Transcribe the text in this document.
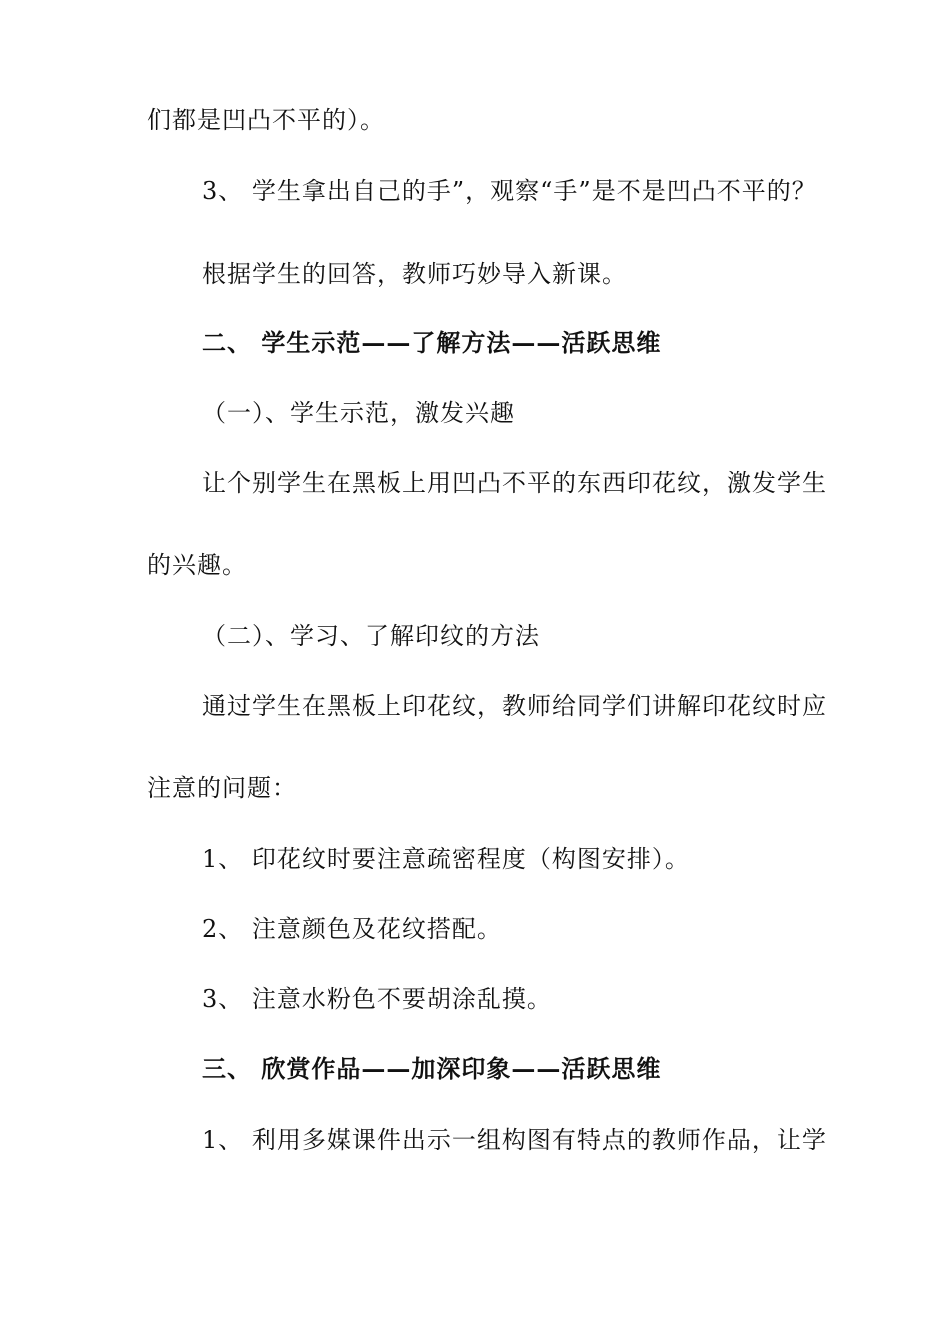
们都是凹凸不平的）。
3、 学生拿出自己的手”，观察“手”是不是凹凸不平的？
根据学生的回答，教师巧妙导入新课。
二、 学生示范——了解方法——活跃思维
（一）、学生示范，激发兴趣
让个别学生在黑板上用凹凸不平的东西印花纹，激发学生
的兴趣。
（二）、学习、了解印纹的方法
通过学生在黑板上印花纹，教师给同学们讲解印花纹时应
注意的问题：
1、 印花纹时要注意疏密程度（构图安排）。
2、 注意颜色及花纹搭配。
3、 注意水粉色不要胡涂乱摸。
三、 欣赏作品——加深印象——活跃思维
1、 利用多媒课件出示一组构图有特点的教师作品，让学
